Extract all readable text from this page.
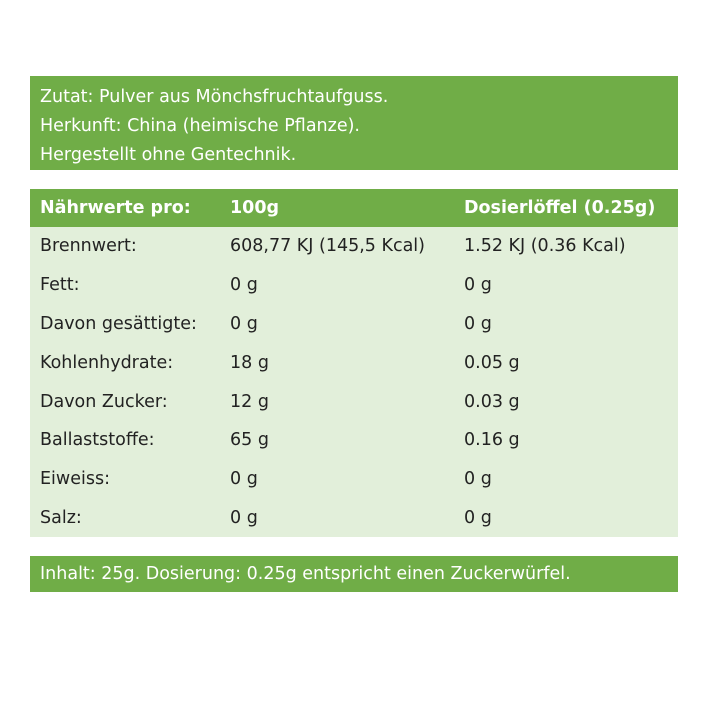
Zutat: Pulver aus Mönchsfruchtaufguss.
Herkunft: China (heimische Pflanze).
Hergestellt ohne Gentechnik.
Nährwerte pro:	100g	Dosierlöffel (0.25g)
Brennwert:	608,77 KJ (145,5 Kcal)	1.52 KJ (0.36 Kcal)
Fett:	0 g	0 g
Davon gesättigte:	0 g	0 g
Kohlenhydrate:	18 g	0.05 g
Davon Zucker:	12 g	0.03 g
Ballaststoffe:	65 g	0.16 g
Eiweiss:	0 g	0 g
Salz:	0 g	0 g
Inhalt: 25g. Dosierung: 0.25g entspricht einen Zuckerwürfel.
